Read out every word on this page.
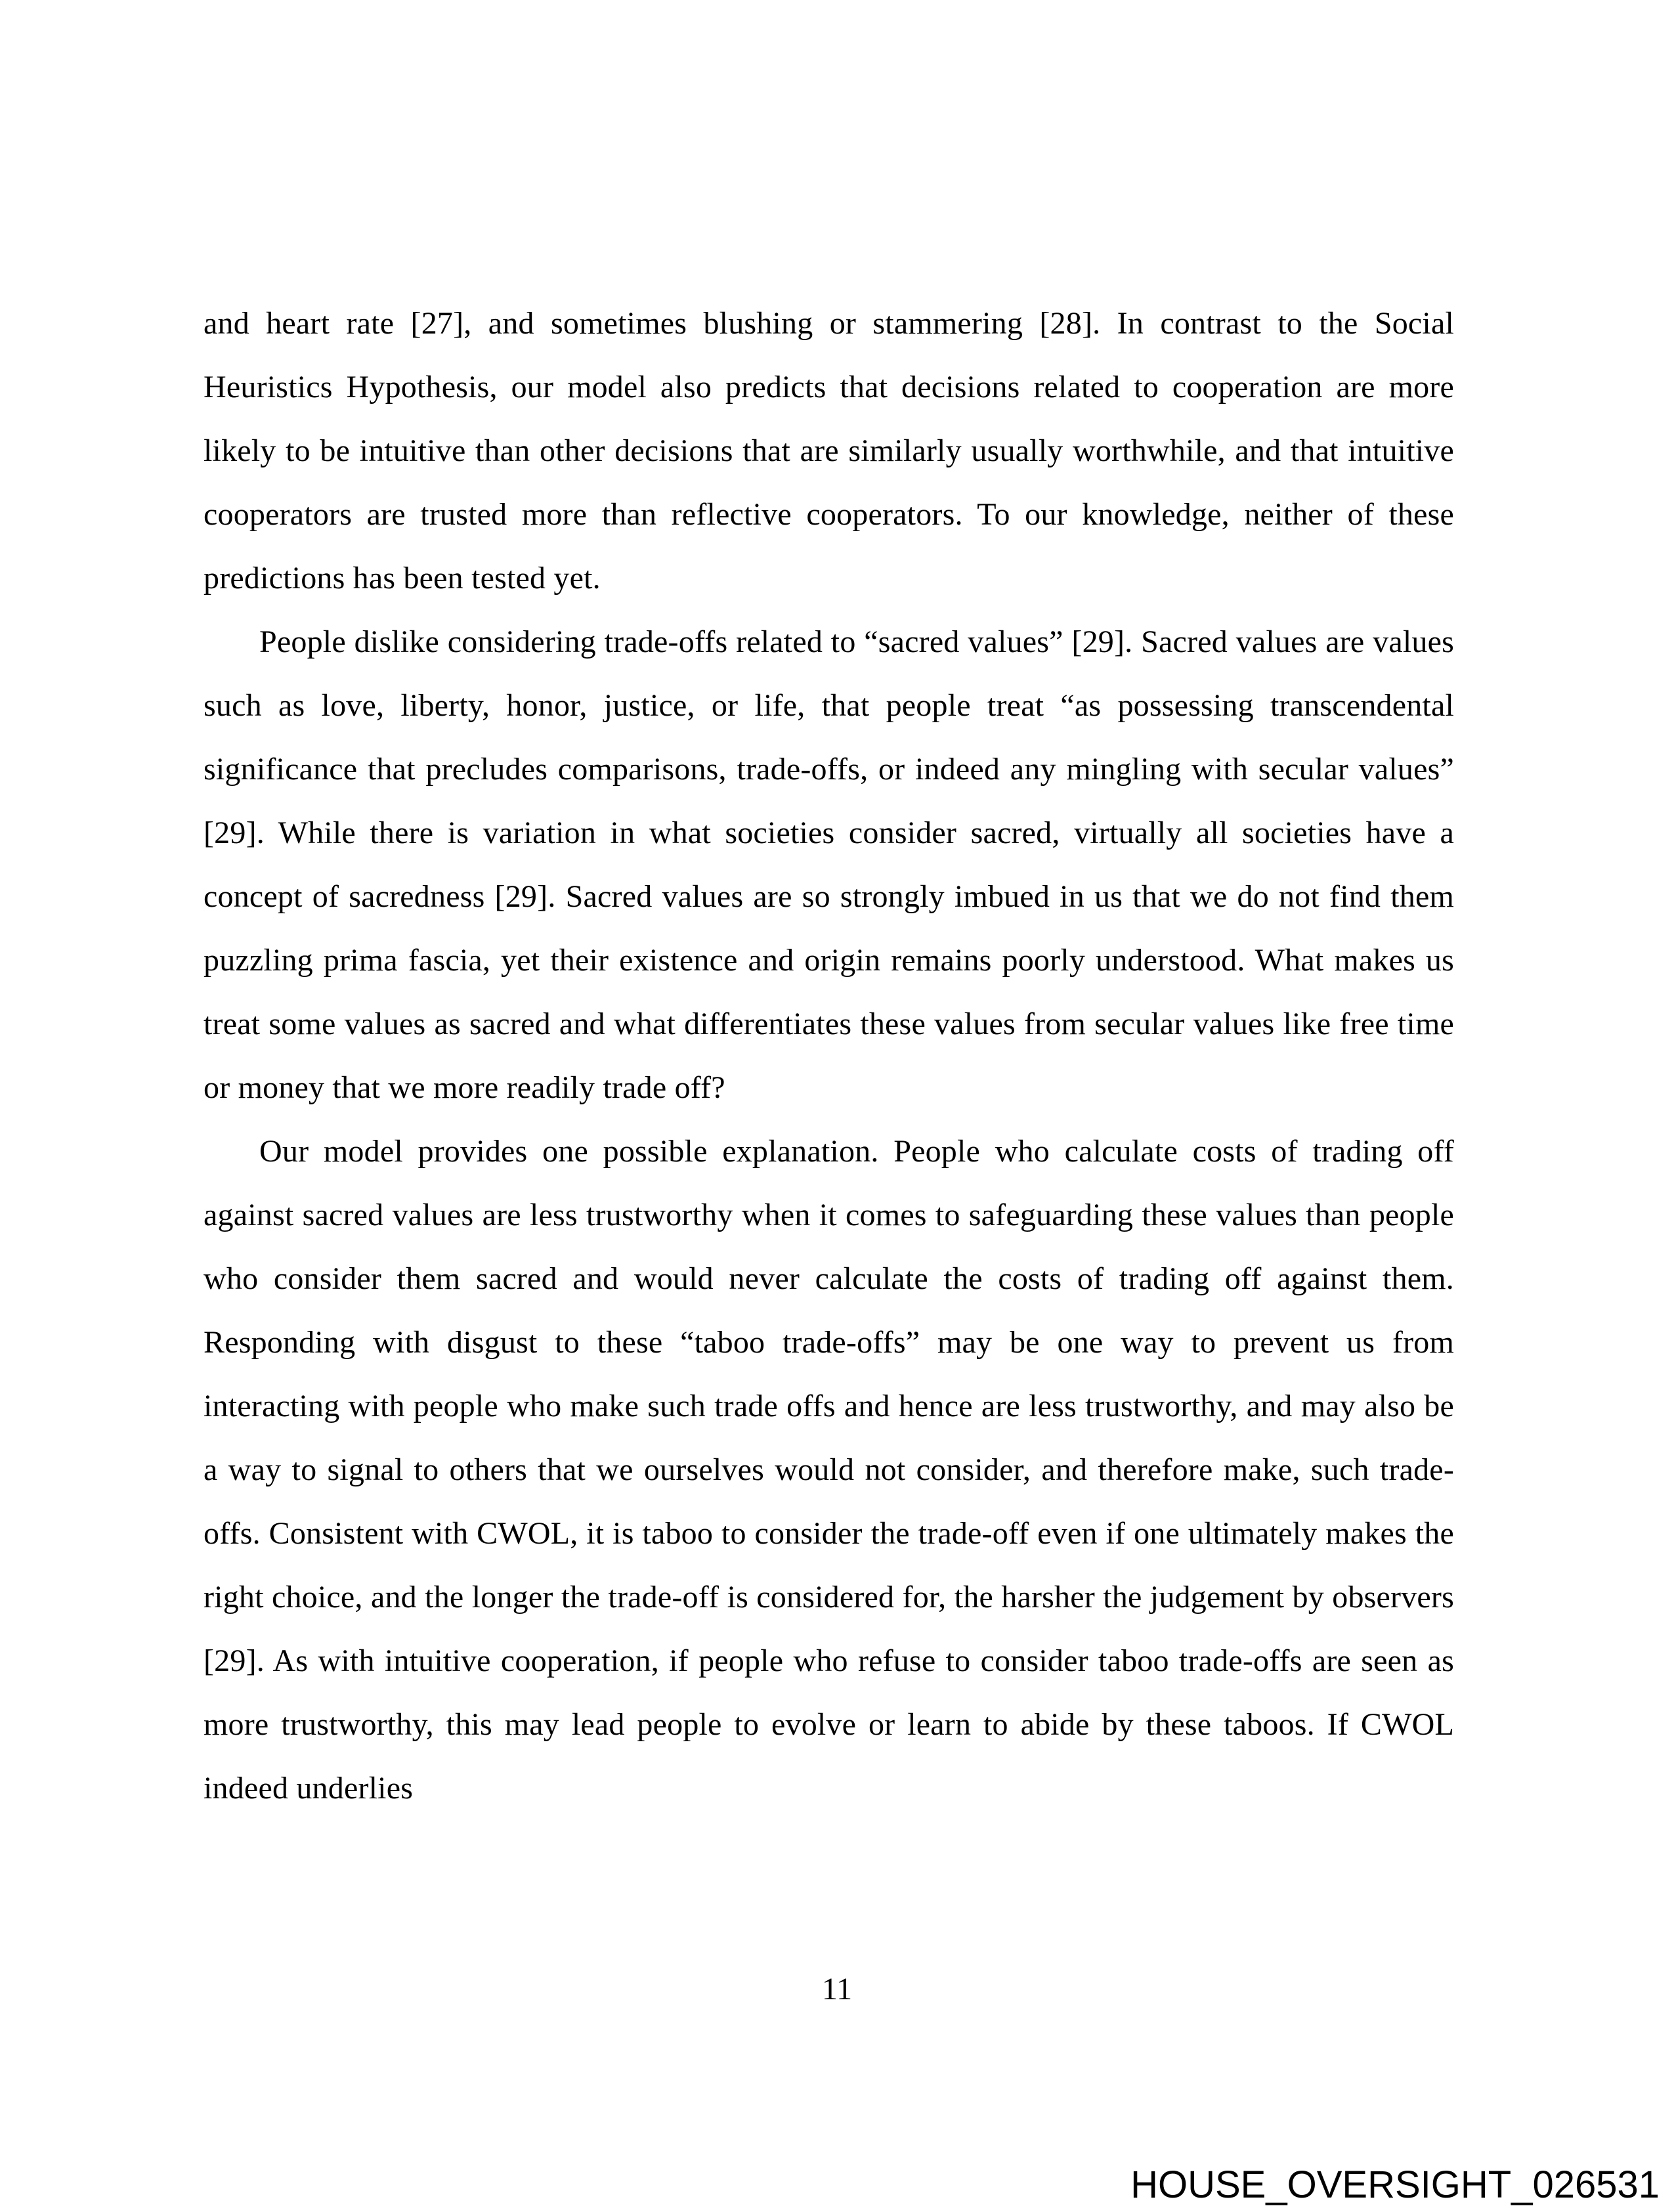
and heart rate [27], and sometimes blushing or stammering [28]. In contrast to the Social Heuristics Hypothesis, our model also predicts that decisions related to cooperation are more likely to be intuitive than other decisions that are similarly usually worthwhile, and that intuitive cooperators are trusted more than reflective cooperators. To our knowledge, neither of these predictions has been tested yet.

People dislike considering trade-offs related to “sacred values” [29]. Sacred values are values such as love, liberty, honor, justice, or life, that people treat “as possessing transcendental significance that precludes comparisons, trade-offs, or indeed any mingling with secular values” [29]. While there is variation in what societies consider sacred, virtually all societies have a concept of sacredness [29]. Sacred values are so strongly imbued in us that we do not find them puzzling prima fascia, yet their existence and origin remains poorly understood. What makes us treat some values as sacred and what differentiates these values from secular values like free time or money that we more readily trade off?

Our model provides one possible explanation. People who calculate costs of trading off against sacred values are less trustworthy when it comes to safeguarding these values than people who consider them sacred and would never calculate the costs of trading off against them. Responding with disgust to these “taboo trade-offs” may be one way to prevent us from interacting with people who make such trade offs and hence are less trustworthy, and may also be a way to signal to others that we ourselves would not consider, and therefore make, such trade-offs. Consistent with CWOL, it is taboo to consider the trade-off even if one ultimately makes the right choice, and the longer the trade-off is considered for, the harsher the judgement by observers [29]. As with intuitive cooperation, if people who refuse to consider taboo trade-offs are seen as more trustworthy, this may lead people to evolve or learn to abide by these taboos. If CWOL indeed underlies

11
HOUSE_OVERSIGHT_026531
